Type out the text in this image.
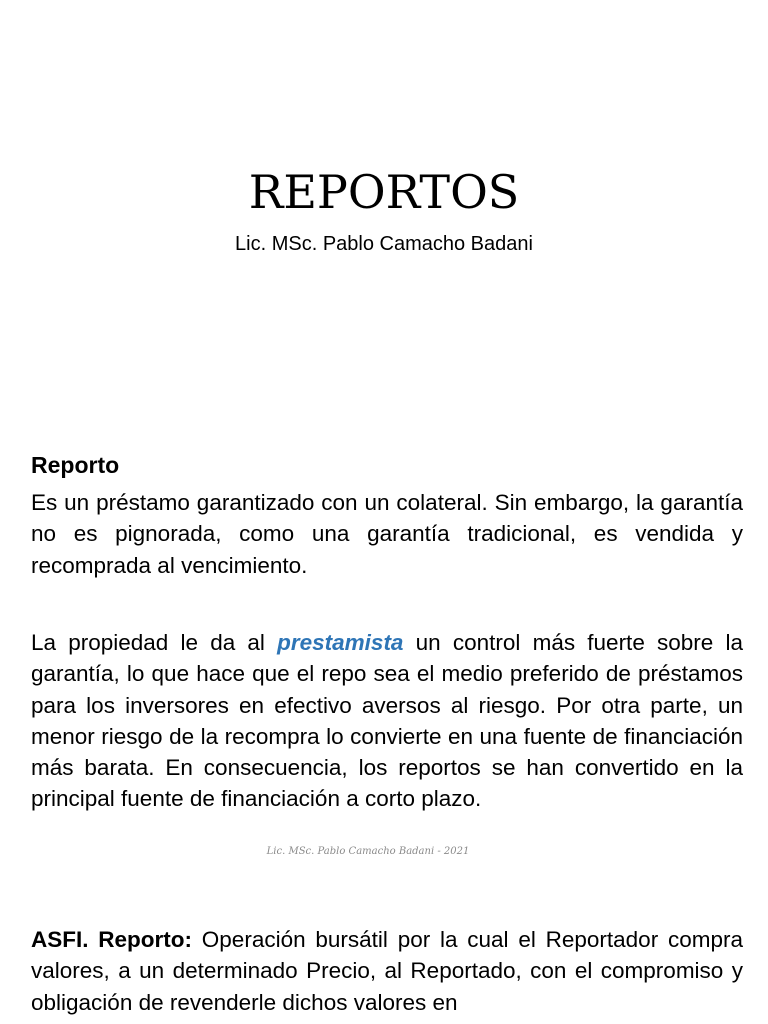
REPORTOS

Lic. MSc. Pablo Camacho Badani

Reporto

Es un préstamo garantizado con un colateral. Sin embargo, la garantía no es pignorada, como una garantía tradicional, es vendida y recomprada al vencimiento.

La propiedad le da al prestamista un control más fuerte sobre la garantía, lo que hace que el repo sea el medio preferido de préstamos para los inversores en efectivo aversos al riesgo. Por otra parte, un menor riesgo de la recompra lo convierte en una fuente de financiación más barata. En consecuencia, los reportos se han convertido en la principal fuente de financiación a corto plazo.

Lic. MSc. Pablo Camacho Badani - 2021

ASFI. Reporto: Operación bursátil por la cual el Reportador compra valores, a un determinado Precio, al Reportado, con el compromiso y obligación de revenderle dichos valores en
